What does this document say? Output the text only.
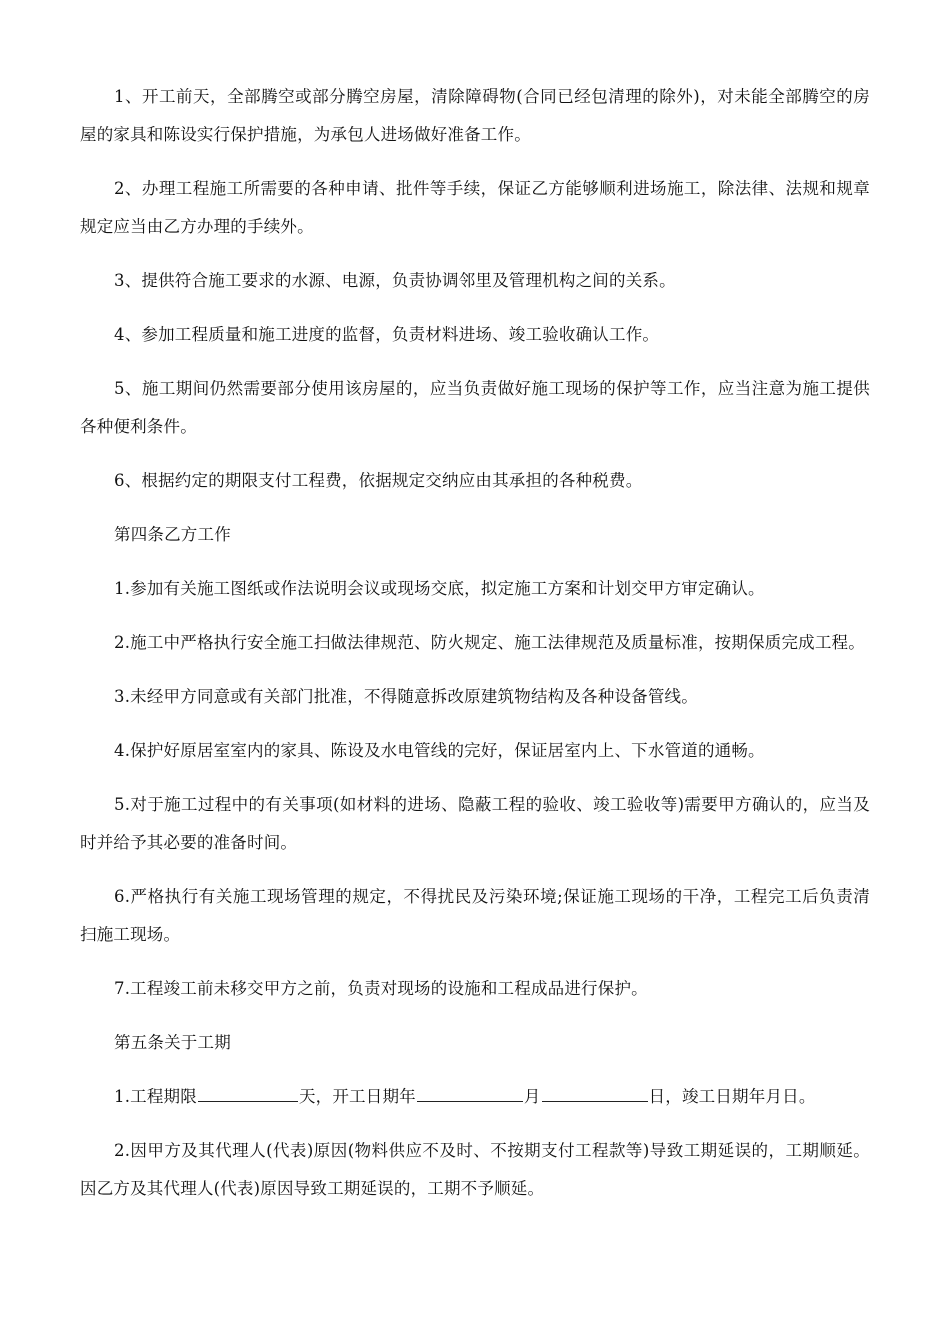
1、开工前天，全部腾空或部分腾空房屋，清除障碍物(合同已经包清理的除外)，对未能全部腾空的房屋的家具和陈设实行保护措施，为承包人进场做好准备工作。

2、办理工程施工所需要的各种申请、批件等手续，保证乙方能够顺利进场施工，除法律、法规和规章规定应当由乙方办理的手续外。

3、提供符合施工要求的水源、电源，负责协调邻里及管理机构之间的关系。

4、参加工程质量和施工进度的监督，负责材料进场、竣工验收确认工作。

5、施工期间仍然需要部分使用该房屋的，应当负责做好施工现场的保护等工作，应当注意为施工提供各种便利条件。

6、根据约定的期限支付工程费，依据规定交纳应由其承担的各种税费。

第四条乙方工作

1.参加有关施工图纸或作法说明会议或现场交底，拟定施工方案和计划交甲方审定确认。

2.施工中严格执行安全施工扫做法律规范、防火规定、施工法律规范及质量标准，按期保质完成工程。

3.未经甲方同意或有关部门批准，不得随意拆改原建筑物结构及各种设备管线。

4.保护好原居室室内的家具、陈设及水电管线的完好，保证居室内上、下水管道的通畅。

5.对于施工过程中的有关事项(如材料的进场、隐蔽工程的验收、竣工验收等)需要甲方确认的，应当及时并给予其必要的准备时间。

6.严格执行有关施工现场管理的规定，不得扰民及污染环境;保证施工现场的干净，工程完工后负责清扫施工现场。

7.工程竣工前未移交甲方之前，负责对现场的设施和工程成品进行保护。

第五条关于工期

1.工程期限	天，开工日期年	月	日，竣工日期年月日。

2.因甲方及其代理人(代表)原因(物料供应不及时、不按期支付工程款等)导致工期延误的，工期顺延。因乙方及其代理人(代表)原因导致工期延误的，工期不予顺延。
